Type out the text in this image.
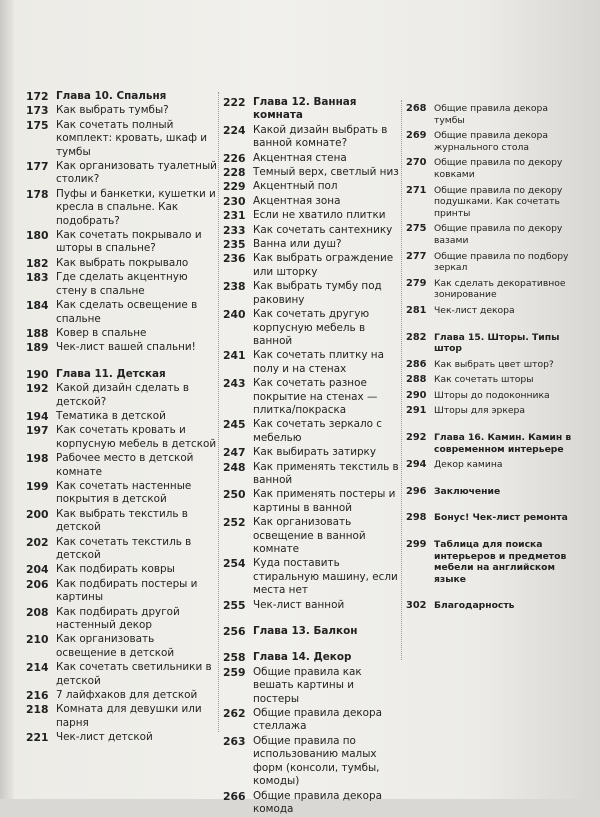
172 Глава 10. Спальня
173 Как выбрать тумбы?
175 Как сочетать полный комплект: кровать, шкаф и тумбы
177 Как организовать туалетный столик?
178 Пуфы и банкетки, кушетки и кресла в спальне. Как подобрать?
180 Как сочетать покрывало и шторы в спальне?
182 Как выбрать покрывало
183 Где сделать акцентную стену в спальне
184 Как сделать освещение в спальне
188 Ковер в спальне
189 Чек-лист вашей спальни!
190 Глава 11. Детская
192 Какой дизайн сделать в детской?
194 Тематика в детской
197 Как сочетать кровать и корпусную мебель в детской
198 Рабочее место в детской комнате
199 Как сочетать настенные покрытия в детской
200 Как выбрать текстиль в детской
202 Как сочетать текстиль в детской
204 Как подбирать ковры
206 Как подбирать постеры и картины
208 Как подбирать другой настенный декор
210 Как организовать освещение в детской
214 Как сочетать светильники в детской
216 7 лайфхаков для детской
218 Комната для девушки или парня
221 Чек-лист детской
222 Глава 12. Ванная комната
224 Какой дизайн выбрать в ванной комнате?
226 Акцентная стена
228 Темный верх, светлый низ
229 Акцентный пол
230 Акцентная зона
231 Если не хватило плитки
233 Как сочетать сантехнику
235 Ванна или душ?
236 Как выбрать ограждение или шторку
238 Как выбрать тумбу под раковину
240 Как сочетать другую корпусную мебель в ванной
241 Как сочетать плитку на полу и на стенах
243 Как сочетать разное покрытие на стенах — плитка/покраска
245 Как сочетать зеркало с мебелью
247 Как выбирать затирку
248 Как применять текстиль в ванной
250 Как применять постеры и картины в ванной
252 Как организовать освещение в ванной комнате
254 Куда поставить стиральную машину, если места нет
255 Чек-лист ванной
256 Глава 13. Балкон
258 Глава 14. Декор
259 Общие правила как вешать картины и постеры
262 Общие правила декора стеллажа
263 Общие правила по использованию малых форм (консоли, тумбы, комоды)
266 Общие правила декора комода
268 Общие правила декора тумбы
269 Общие правила декора журнального стола
270 Общие правила по декору ковками
271 Общие правила по декору подушками. Как сочетать принты
275 Общие правила по декору вазами
277 Общие правила по подбору зеркал
279 Как сделать декоративное зонирование
281 Чек-лист декора
282 Глава 15. Шторы. Типы штор
286 Как выбрать цвет штор?
288 Как сочетать шторы
290 Шторы до подоконника
291 Шторы для эркера
292 Глава 16. Камин. Камин в современном интерьере
294 Декор камина
296 Заключение
298 Бонус! Чек-лист ремонта
299 Таблица для поиска интерьеров и предметов мебели на английском языке
302 Благодарность
